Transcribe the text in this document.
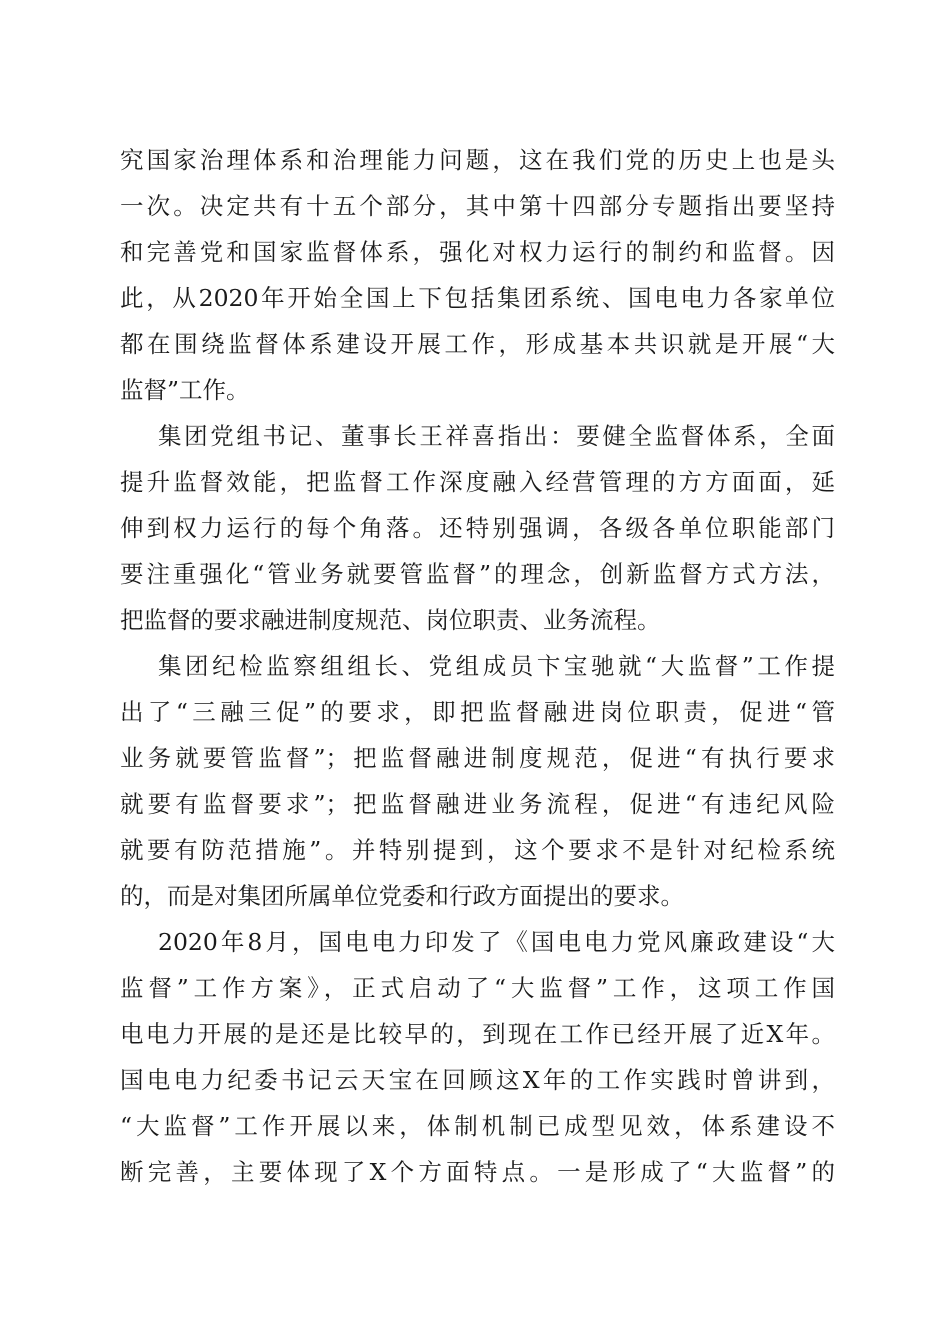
究国家治理体系和治理能力问题，这在我们党的历史上也是头
一次。决定共有十五个部分，其中第十四部分专题指出要坚持
和完善党和国家监督体系，强化对权力运行的制约和监督。因
此，从2020年开始全国上下包括集团系统、国电电力各家单位
都在围绕监督体系建设开展工作，形成基本共识就是开展“大
监督”工作。
集团党组书记、董事长王祥喜指出：要健全监督体系，全面
提升监督效能，把监督工作深度融入经营管理的方方面面，延
伸到权力运行的每个角落。还特别强调，各级各单位职能部门
要注重强化“管业务就要管监督”的理念，创新监督方式方法，
把监督的要求融进制度规范、岗位职责、业务流程。
集团纪检监察组组长、党组成员卞宝驰就“大监督”工作提
出了“三融三促”的要求，即把监督融进岗位职责，促进“管
业务就要管监督”；把监督融进制度规范，促进“有执行要求
就要有监督要求”；把监督融进业务流程，促进“有违纪风险
就要有防范措施”。并特别提到，这个要求不是针对纪检系统
的，而是对集团所属单位党委和行政方面提出的要求。
2020年8月，国电电力印发了《国电电力党风廉政建设“大
监督”工作方案》，正式启动了“大监督”工作，这项工作国
电电力开展的是还是比较早的，到现在工作已经开展了近X年。
国电电力纪委书记云天宝在回顾这X年的工作实践时曾讲到，
“大监督”工作开展以来，体制机制已成型见效，体系建设不
断完善，主要体现了X个方面特点。一是形成了“大监督”的
